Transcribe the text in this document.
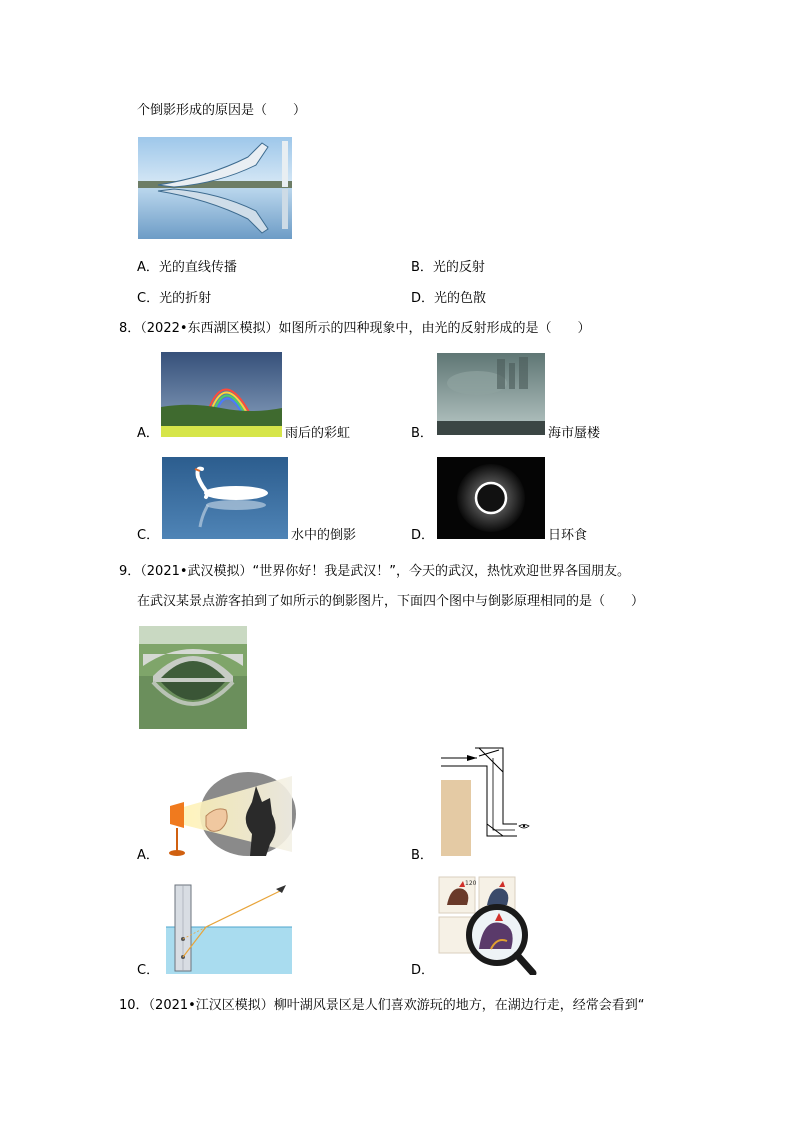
个倒影形成的原因是（　　）
A．光的直线传播	B．光的反射
C．光的折射	D．光的色散
8．（2022•东西湖区模拟）如图所示的四种现象中，由光的反射形成的是（　　）
A．	雨后的彩虹	B．	海市蜃楼
C．	水中的倒影	D．	日环食
9．（2021•武汉模拟）“世界你好！我是武汉！”，今天的武汉，热忱欢迎世界各国朋友。
在武汉某景点游客拍到了如所示的倒影图片，下面四个图中与倒影原理相同的是（　　）
A．	B．
C．	D．
120
10．（2021•江汉区模拟）柳叶湖风景区是人们喜欢游玩的地方，在湖边行走，经常会看到“
